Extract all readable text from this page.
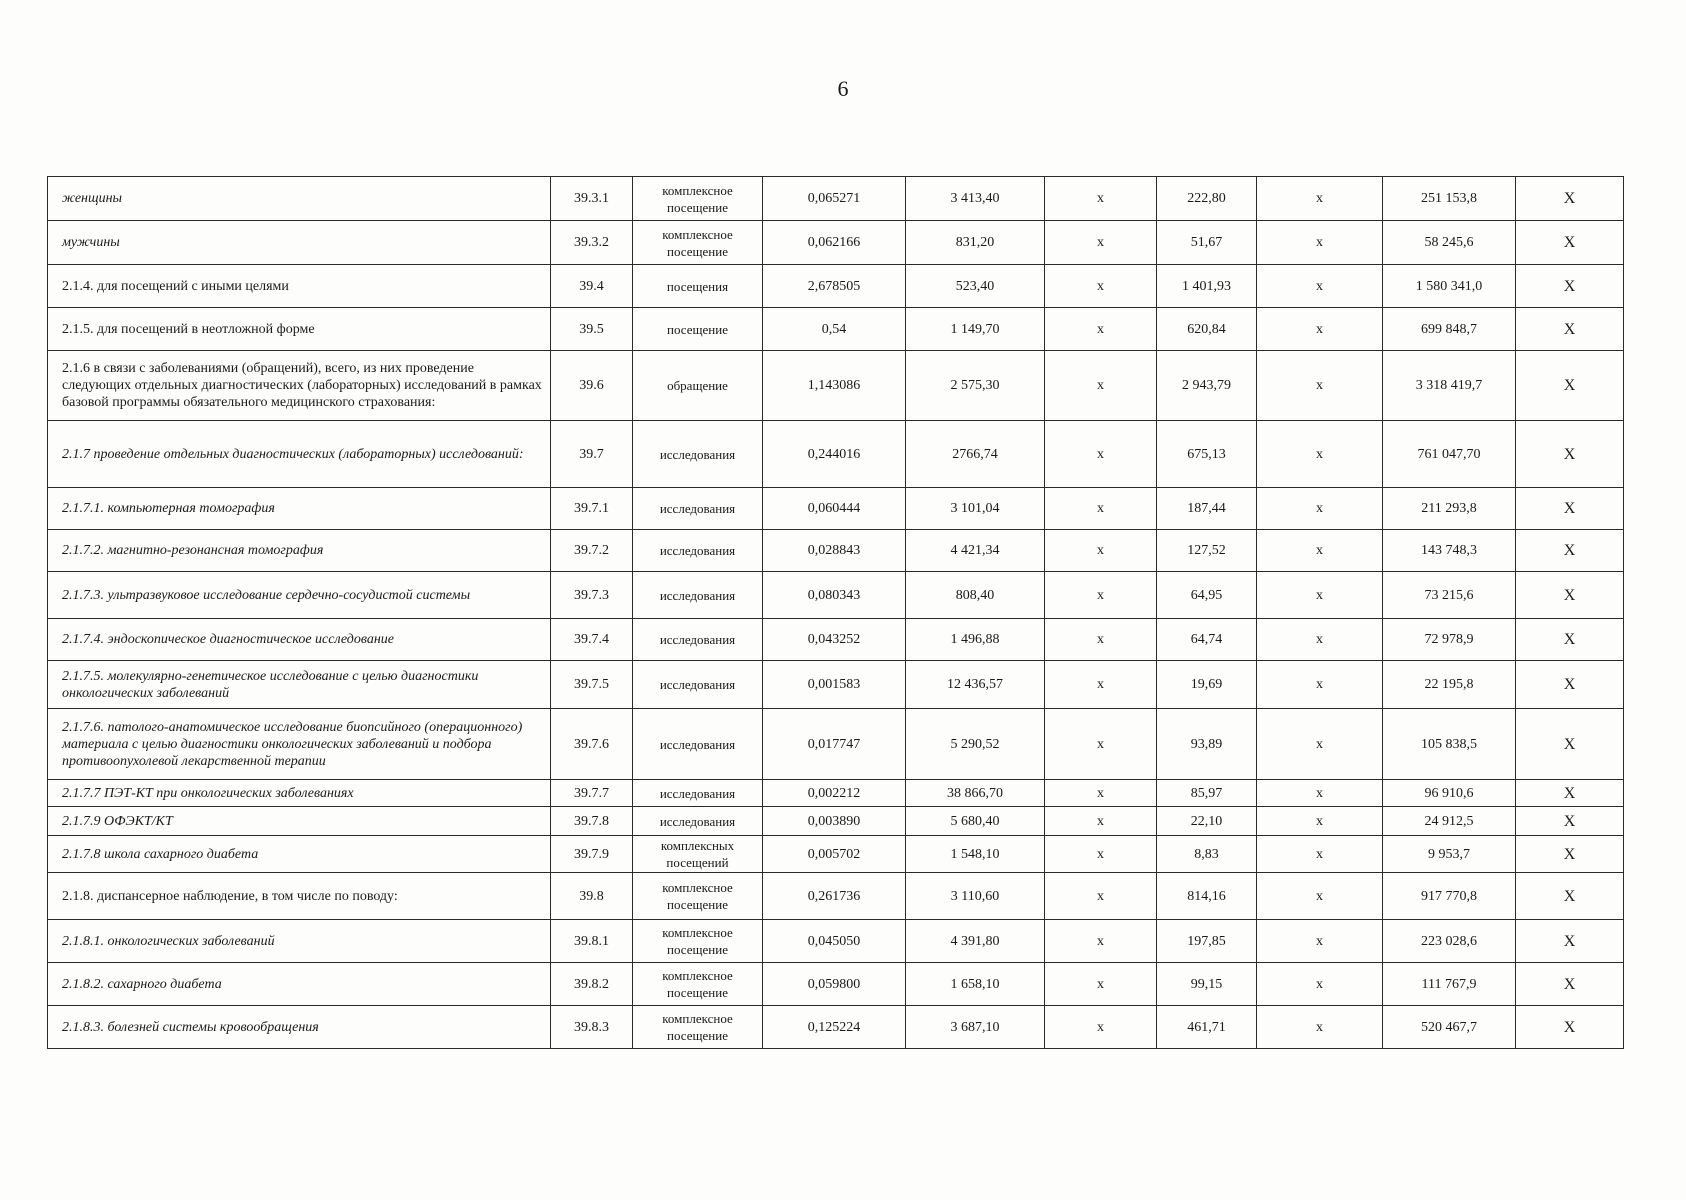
6
женщины	39.3.1	комплексное посещение	0,065271	3 413,40	x	222,80	x	251 153,8	X
мужчины	39.3.2	комплексное посещение	0,062166	831,20	x	51,67	x	58 245,6	X
2.1.4. для посещений с иными целями	39.4	посещения	2,678505	523,40	x	1 401,93	x	1 580 341,0	X
2.1.5. для посещений в неотложной форме	39.5	посещение	0,54	1 149,70	x	620,84	x	699 848,7	X
2.1.6 в связи с заболеваниями (обращений), всего, из них проведение следующих отдельных диагностических (лабораторных) исследований в рамках базовой программы обязательного медицинского страхования:	39.6	обращение	1,143086	2 575,30	x	2 943,79	x	3 318 419,7	X
2.1.7 проведение отдельных диагностических (лабораторных) исследований:	39.7	исследования	0,244016	2766,74	x	675,13	x	761 047,70	X
2.1.7.1. компьютерная томография	39.7.1	исследования	0,060444	3 101,04	x	187,44	x	211 293,8	X
2.1.7.2. магнитно-резонансная томография	39.7.2	исследования	0,028843	4 421,34	x	127,52	x	143 748,3	X
2.1.7.3. ультразвуковое исследование сердечно-сосудистой системы	39.7.3	исследования	0,080343	808,40	x	64,95	x	73 215,6	X
2.1.7.4. эндоскопическое диагностическое исследование	39.7.4	исследования	0,043252	1 496,88	x	64,74	x	72 978,9	X
2.1.7.5. молекулярно-генетическое исследование с целью диагностики онкологических заболеваний	39.7.5	исследования	0,001583	12 436,57	x	19,69	x	22 195,8	X
2.1.7.6. патолого-анатомическое исследование биопсийного (операционного) материала с целью диагностики онкологических заболеваний и подбора противоопухолевой лекарственной терапии	39.7.6	исследования	0,017747	5 290,52	x	93,89	x	105 838,5	X
2.1.7.7 ПЭТ-КТ при онкологических заболеваниях	39.7.7	исследования	0,002212	38 866,70	x	85,97	x	96 910,6	X
2.1.7.9 ОФЭКТ/КТ	39.7.8	исследования	0,003890	5 680,40	x	22,10	x	24 912,5	X
2.1.7.8 школа сахарного диабета	39.7.9	комплексных посещений	0,005702	1 548,10	x	8,83	x	9 953,7	X
2.1.8. диспансерное наблюдение, в том числе по поводу:	39.8	комплексное посещение	0,261736	3 110,60	x	814,16	x	917 770,8	X
2.1.8.1. онкологических заболеваний	39.8.1	комплексное посещение	0,045050	4 391,80	x	197,85	x	223 028,6	X
2.1.8.2. сахарного диабета	39.8.2	комплексное посещение	0,059800	1 658,10	x	99,15	x	111 767,9	X
2.1.8.3. болезней системы кровообращения	39.8.3	комплексное посещение	0,125224	3 687,10	x	461,71	x	520 467,7	X
